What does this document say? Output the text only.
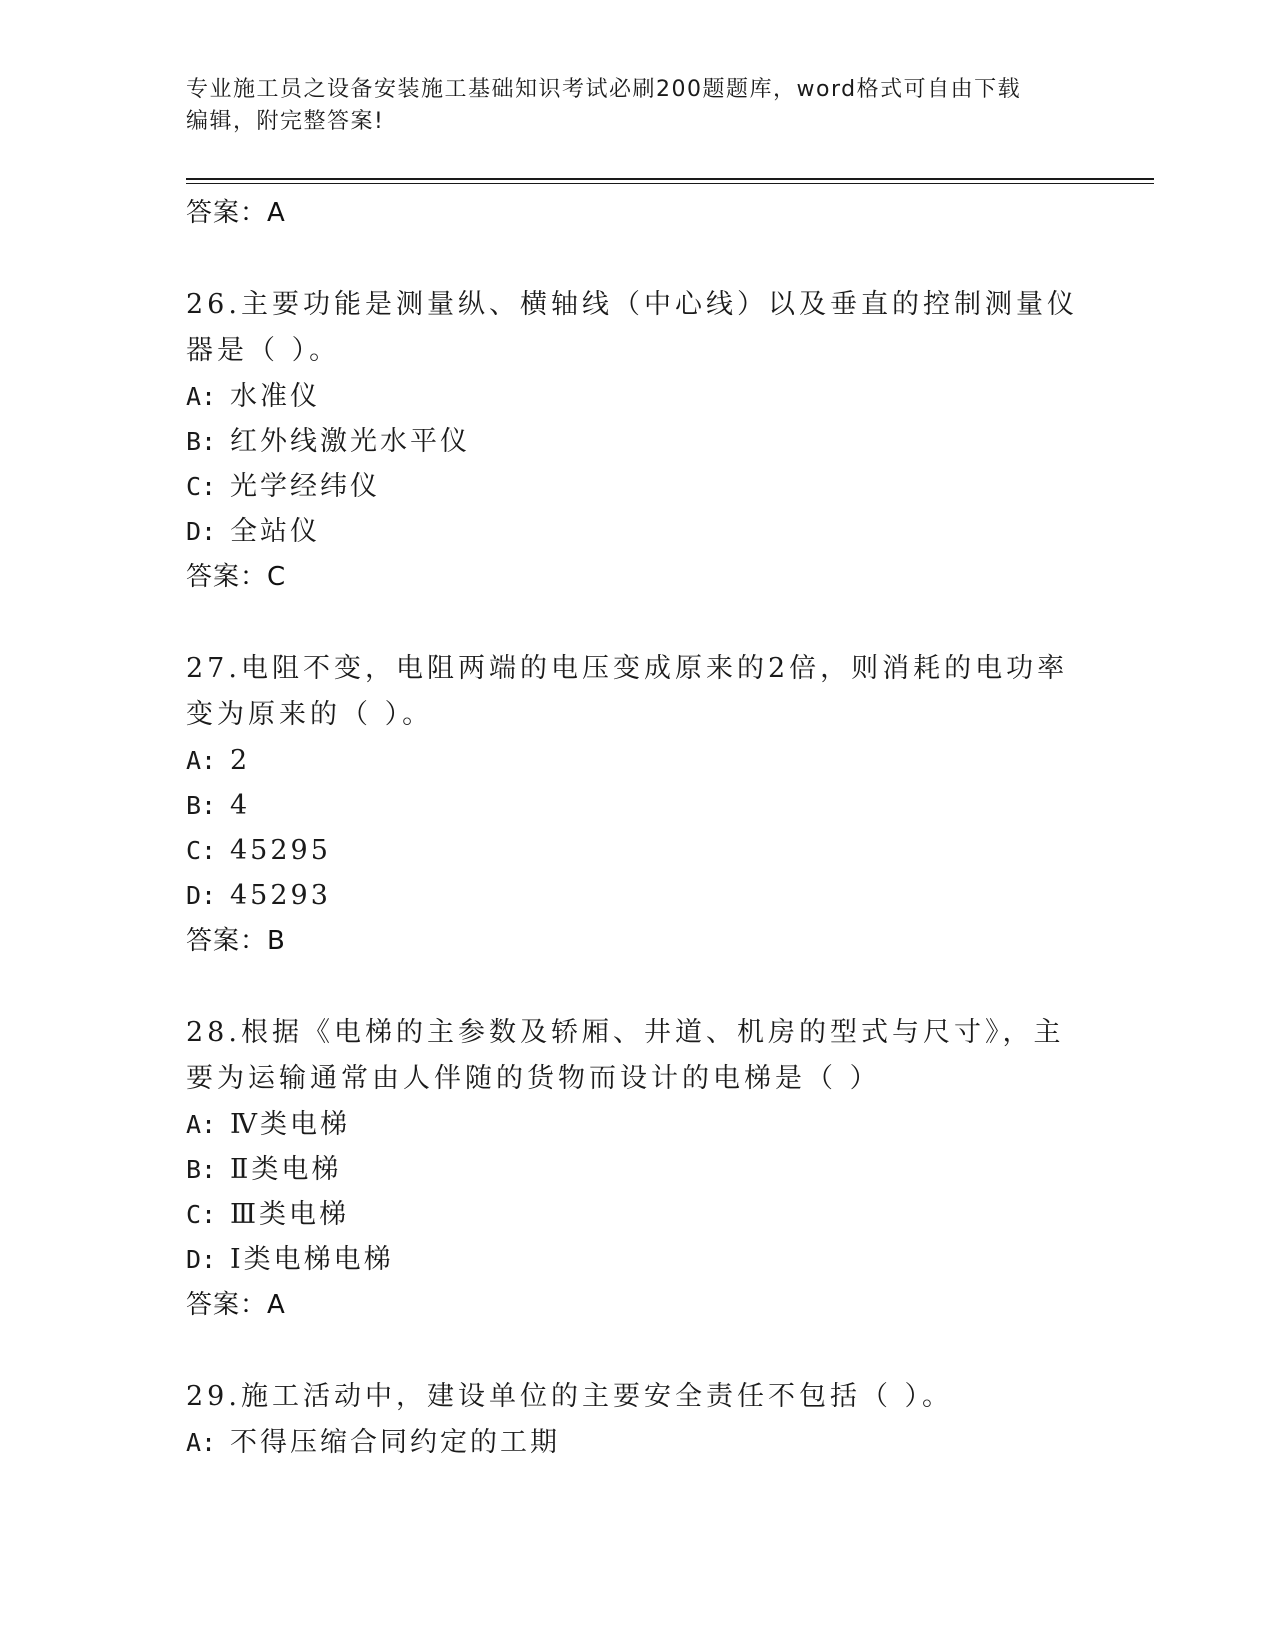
专业施工员之设备安装施工基础知识考试必刷200题题库，word格式可自由下载
编辑，附完整答案!
答案：A
26.主要功能是测量纵、横轴线（中心线）以及垂直的控制测量仪器是（ ）。
A: 水准仪
B: 红外线激光水平仪
C: 光学经纬仪
D: 全站仪
答案：C
27.电阻不变，电阻两端的电压变成原来的2倍，则消耗的电功率变为原来的（ ）。
A: 2
B: 4
C: 45295
D: 45293
答案：B
28.根据《电梯的主参数及轿厢、井道、机房的型式与尺寸》，主要为运输通常由人伴随的货物而设计的电梯是（ ）
A: Ⅳ类电梯
B: Ⅱ类电梯
C: Ⅲ类电梯
D: Ⅰ类电梯电梯
答案：A
29.施工活动中，建设单位的主要安全责任不包括（ ）。
A: 不得压缩合同约定的工期
